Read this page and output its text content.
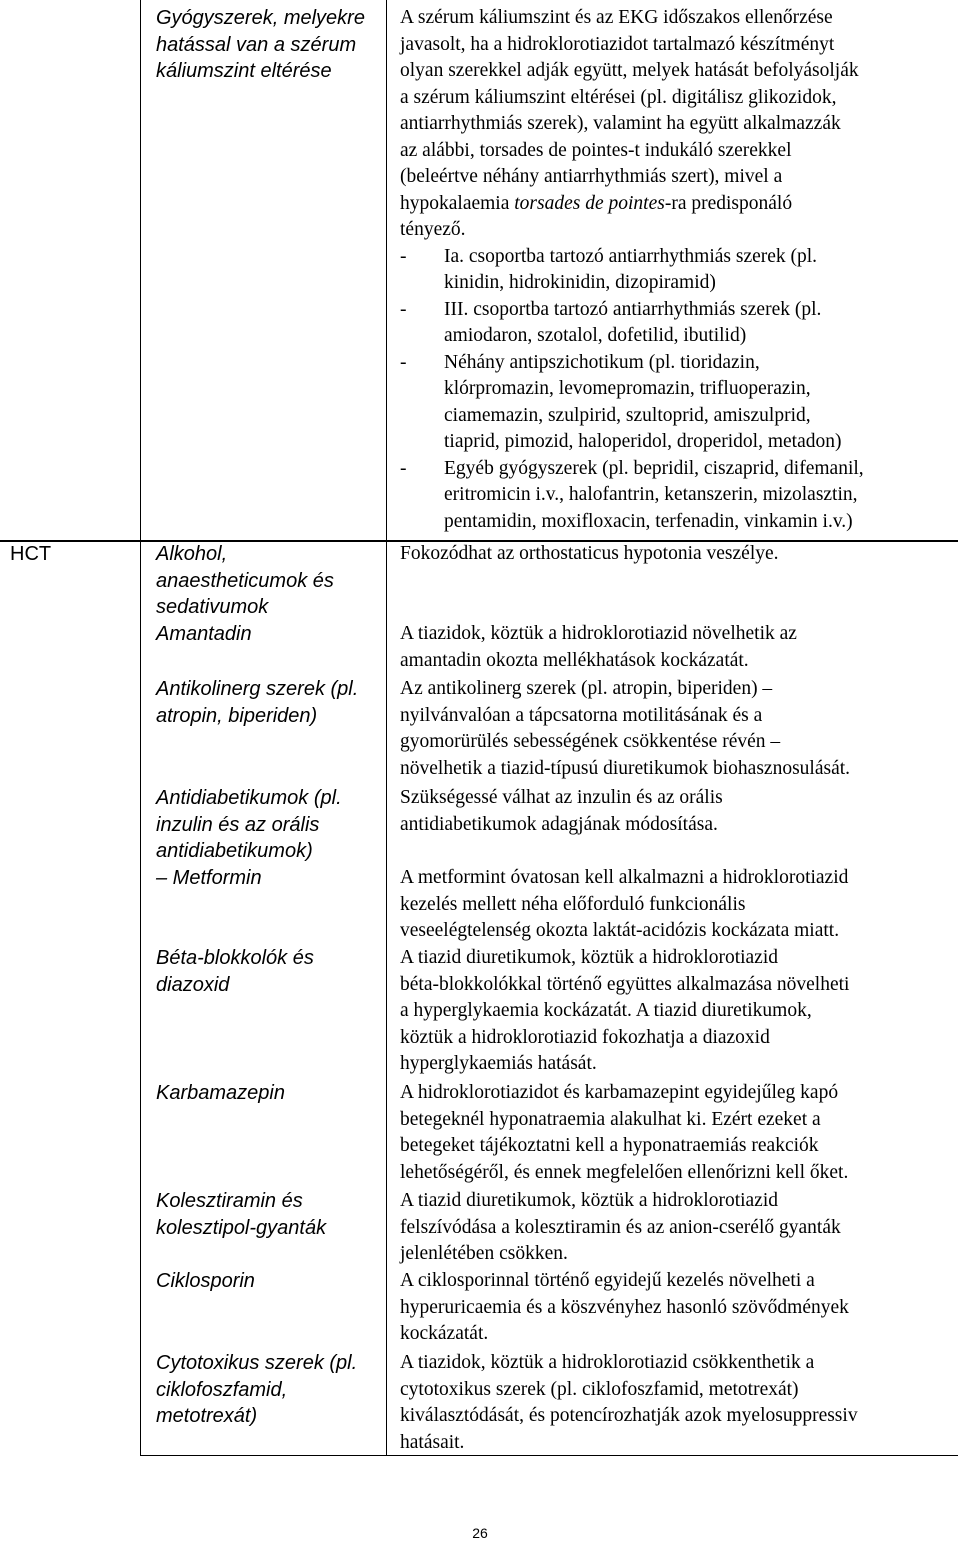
HCT
Gyógyszerek, melyekre
hatással van a szérum
káliumszint eltérése
A szérum káliumszint és az EKG időszakos ellenőrzése
javasolt, ha a hidroklorotiazidot tartalmazó készítményt
olyan szerekkel adják együtt, melyek hatását befolyásolják
a szérum káliumszint eltérései (pl. digitálisz glikozidok,
antiarrhythmiás szerek), valamint ha együtt alkalmazzák
az alábbi, torsades de pointes-t indukáló szerekkel
(beleértve néhány antiarrhythmiás szert), mivel a
hypokalaemia torsades de pointes-ra predisponáló
tényező.
- Ia. csoportba tartozó antiarrhythmiás szerek (pl.
kinidin, hidrokinidin, dizopiramid)
- III. csoportba tartozó antiarrhythmiás szerek (pl.
amiodaron, szotalol, dofetilid, ibutilid)
- Néhány antipszichotikum (pl. tioridazin,
klórpromazin, levomepromazin, trifluoperazin,
ciamemazin, szulpirid, szultoprid, amiszulprid,
tiaprid, pimozid, haloperidol, droperidol, metadon)
- Egyéb gyógyszerek (pl. bepridil, ciszaprid, difemanil,
eritromicin i.v., halofantrin, ketanszerin, mizolasztin,
pentamidin, moxifloxacin, terfenadin, vinkamin i.v.)
Alkohol,
anaestheticumok és
sedativumok
Amantadin
Antikolinerg szerek (pl.
atropin, biperiden)
Antidiabetikumok (pl.
inzulin és az orális
antidiabetikumok)
– Metformin
Béta-blokkolók és
diazoxid
Karbamazepin
Kolesztiramin és
kolesztipol-gyanták
Ciklosporin
Cytotoxikus szerek (pl.
ciklofoszfamid,
metotrexát)
Fokozódhat az orthostaticus hypotonia veszélye.
A tiazidok, köztük a hidroklorotiazid növelhetik az
amantadin okozta mellékhatások kockázatát.
Az antikolinerg szerek (pl. atropin, biperiden) –
nyilvánvalóan a tápcsatorna motilitásának és a
gyomorürülés sebességének csökkentése révén –
növelhetik a tiazid-típusú diuretikumok biohasznosulását.
Szükségessé válhat az inzulin és az orális
antidiabetikumok adagjának módosítása.
A metformint óvatosan kell alkalmazni a hidroklorotiazid
kezelés mellett néha előforduló funkcionális
veseelégtelenség okozta laktát-acidózis kockázata miatt.
A tiazid diuretikumok, köztük a hidroklorotiazid
béta-blokkolókkal történő együttes alkalmazása növelheti
a hyperglykaemia kockázatát. A tiazid diuretikumok,
köztük a hidroklorotiazid fokozhatja a diazoxid
hyperglykaemiás hatását.
A hidroklorotiazidot és karbamazepint egyidejűleg kapó
betegeknél hyponatraemia alakulhat ki. Ezért ezeket a
betegeket tájékoztatni kell a hyponatraemiás reakciók
lehetőségéről, és ennek megfelelően ellenőrizni kell őket.
A tiazid diuretikumok, köztük a hidroklorotiazid
felszívódása a kolesztiramin és az anion-cserélő gyanták
jelenlétében csökken.
A ciklosporinnal történő egyidejű kezelés növelheti a
hyperuricaemia és a köszvényhez hasonló szövődmények
kockázatát.
A tiazidok, köztük a hidroklorotiazid csökkenthetik a
cytotoxikus szerek (pl. ciklofoszfamid, metotrexát)
kiválasztódását, és potencírozhatják azok myelosuppressiv
hatásait.
26
